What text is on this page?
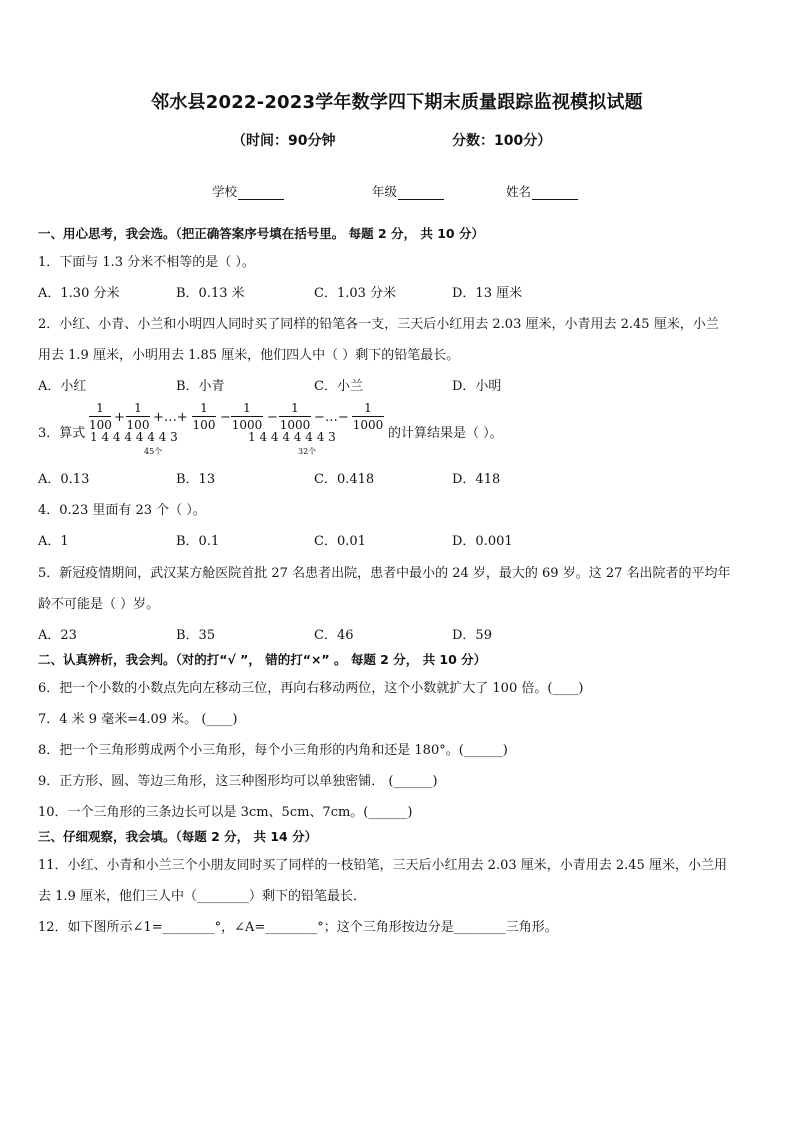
邻水县2022-2023学年数学四下期末质量跟踪监视模拟试题
（时间：90分钟	分数：100分）
学校	年级	姓名
一、用心思考，我会选。（把正确答案序号填在括号里。 每题 2 分， 共 10 分）
1．下面与 1.3 分米不相等的是（ ）。
A．1.30 分米	B．0.13 米	C．1.03 分米	D．13 厘米
2．小红、小青、小兰和小明四人同时买了同样的铅笔各一支，三天后小红用去 2.03 厘米，小青用去 2.45 厘米，小兰
用去 1.9 厘米，小明用去 1.85 厘米，他们四人中（ ）剩下的铅笔最长。
A．小红	B．小青	C．小兰	D．小明
3．算式
1
100 +
1
100 +…+
1
100 −
1
1000 −
1
1000 −…−
1
1000
的计算结果是（ ）。
1 4 4 4 4 4 4 3	1 4 4 4 4 4 4 3
45个	32个
A．0.13	B．13	C．0.418	D．418
4．0.23 里面有 23 个（ ）。
A．1	B．0.1	C．0.01	D．0.001
5．新冠疫情期间，武汉某方舱医院首批 27 名患者出院，患者中最小的 24 岁，最大的 69 岁。这 27 名出院者的平均年
龄不可能是（ ）岁。
A．23	B．35	C．46	D．59
二、认真辨析，我会判。（对的打“√ ”， 错的打“×” 。 每题 2 分， 共 10 分）
6．把一个小数的小数点先向左移动三位，再向右移动两位，这个小数就扩大了 100 倍。(____)
7．4 米 9 毫米=4.09 米。 (____)
8．把一个三角形剪成两个小三角形，每个小三角形的内角和还是 180°。(______)
9．正方形、圆、等边三角形，这三种图形均可以单独密铺． (______)
10．一个三角形的三条边长可以是 3cm、5cm、7cm。(______)
三、仔细观察，我会填。（每题 2 分， 共 14 分）
11．小红、小青和小兰三个小朋友同时买了同样的一枝铅笔，三天后小红用去 2.03 厘米，小青用去 2.45 厘米，小兰用
去 1.9 厘米，他们三人中（________）剩下的铅笔最长．
12．如下图所示∠1=________°，∠A=________°；这个三角形按边分是________三角形。
